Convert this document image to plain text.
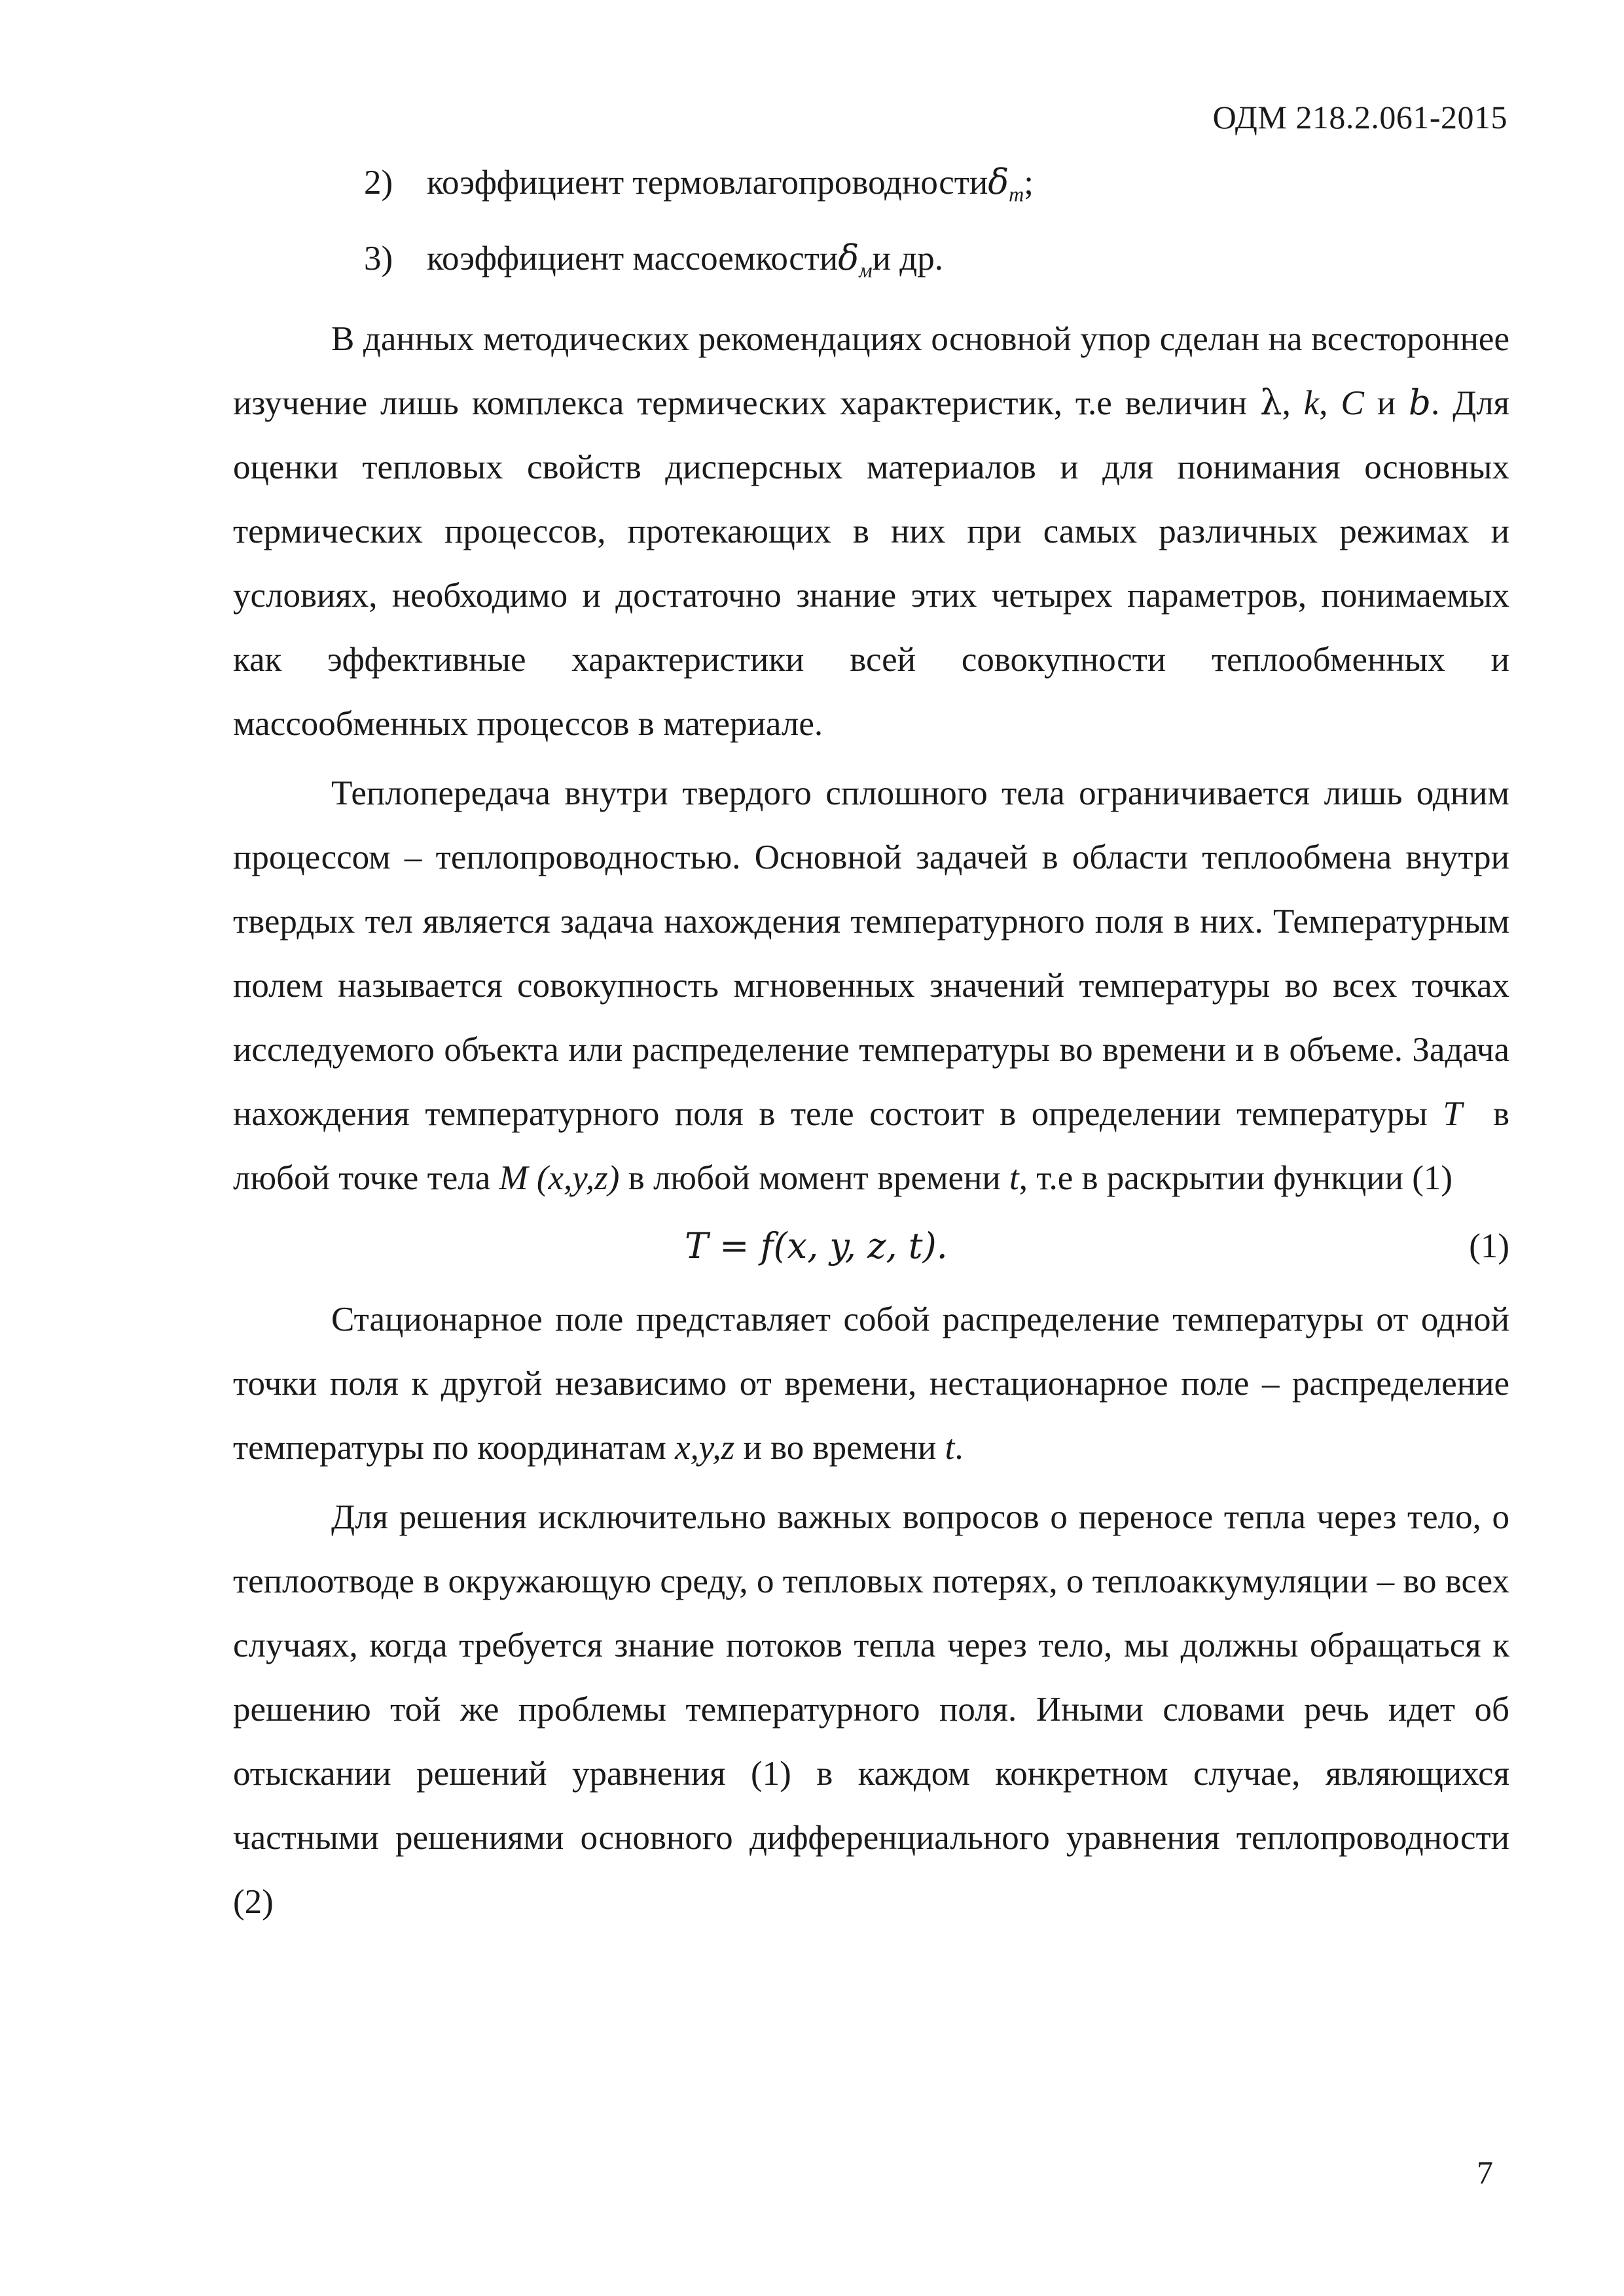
ОДМ 218.2.061-2015
2) коэффициент термовлагопроводностиδ$_т$;
3) коэффициент массоемкостиδ$_м$и др.

В данных методических рекомендациях основной упор сделан на всестороннее изучение лишь комплекса термических характеристик, т.е величин λ, k, C и b. Для оценки тепловых свойств дисперсных материалов и для понимания основных термических процессов, протекающих в них при самых различных режимах и условиях, необходимо и достаточно знание этих четырех параметров, понимаемых как эффективные характеристики всей совокупности теплообменных и массообменных процессов в материале.

Теплопередача внутри твердого сплошного тела ограничивается лишь одним процессом – теплопроводностью. Основной задачей в области теплообмена внутри твердых тел является задача нахождения температурного поля в них. Температурным полем называется совокупность мгновенных значений температуры во всех точках исследуемого объекта или распределение температуры во времени и в объеме. Задача нахождения температурного поля в теле состоит в определении температуры T в любой точке тела M (x,y,z) в любой момент времени t, т.е в раскрытии функции (1)

T = f(x, y, z, t).	(1)

Стационарное поле представляет собой распределение температуры от одной точки поля к другой независимо от времени, нестационарное поле – распределение температуры по координатам x,y,z и во времени t.

Для решения исключительно важных вопросов о переносе тепла через тело, о теплоотводе в окружающую среду, о тепловых потерях, о теплоаккумуляции – во всех случаях, когда требуется знание потоков тепла через тело, мы должны обращаться к решению той же проблемы температурного поля. Иными словами речь идет об отыскании решений уравнения (1) в каждом конкретном случае, являющихся частными решениями основного дифференциального уравнения теплопроводности (2)

7
